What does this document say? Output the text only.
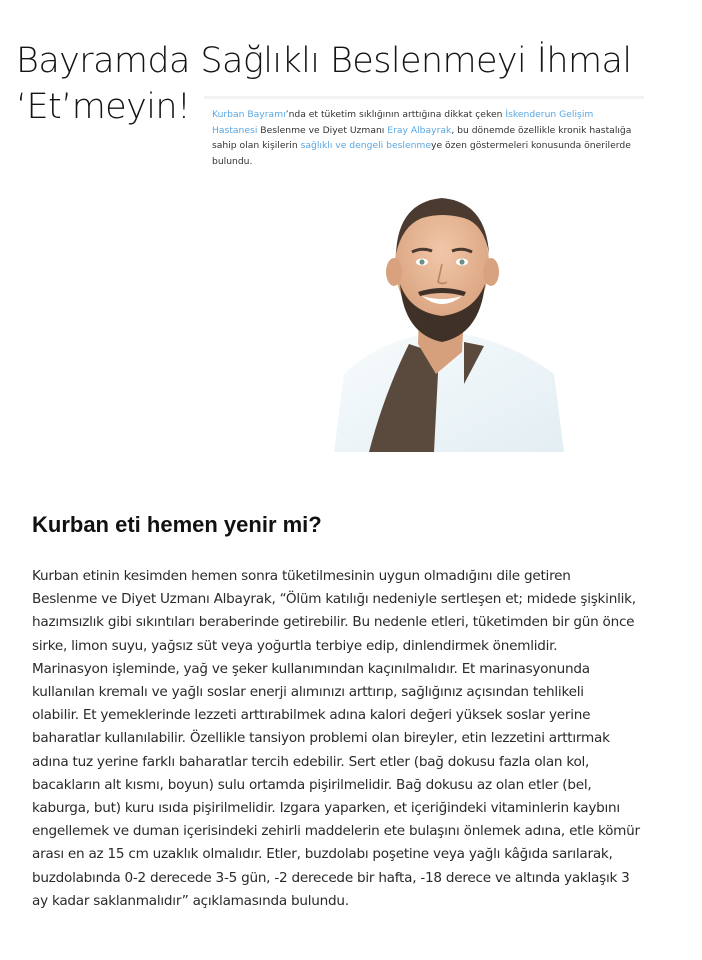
Bayramda Sağlıklı Beslenmeyi İhmal ‘Et’meyin!	Kurban Bayramı’nda et tüketim sıklığının arttığına dikkat çeken İskenderun Gelişim
Hastanesi Beslenme ve Diyet Uzmanı Eray Albayrak, bu dönemde özellikle kronik hastalığa
sahip olan kişilerin sağlıklı ve dengeli beslenmeye özen göstermeleri konusunda önerilerde
bulundu.
Kurban eti hemen yenir mi?

Kurban etinin kesimden hemen sonra tüketilmesinin uygun olmadığını dile getiren
Beslenme ve Diyet Uzmanı Albayrak, “Ölüm katılığı nedeniyle sertleşen et; midede şişkinlik,
hazımsızlık gibi sıkıntıları beraberinde getirebilir. Bu nedenle etleri, tüketimden bir gün önce
sirke, limon suyu, yağsız süt veya yoğurtla terbiye edip, dinlendirmek önemlidir.
Marinasyon işleminde, yağ ve şeker kullanımından kaçınılmalıdır. Et marinasyonunda
kullanılan kremalı ve yağlı soslar enerji alımınızı arttırıp, sağlığınız açısından tehlikeli
olabilir. Et yemeklerinde lezzeti arttırabilmek adına kalori değeri yüksek soslar yerine
baharatlar kullanılabilir. Özellikle tansiyon problemi olan bireyler, etin lezzetini arttırmak
adına tuz yerine farklı baharatlar tercih edebilir. Sert etler (bağ dokusu fazla olan kol,
bacakların alt kısmı, boyun) sulu ortamda pişirilmelidir. Bağ dokusu az olan etler (bel,
kaburga, but) kuru ısıda pişirilmelidir. Izgara yaparken, et içeriğindeki vitaminlerin kaybını
engellemek ve duman içerisindeki zehirli maddelerin ete bulaşını önlemek adına, etle kömür
arası en az 15 cm uzaklık olmalıdır. Etler, buzdolabı poşetine veya yağlı kâğıda sarılarak,
buzdolabında 0-2 derecede 3-5 gün, -2 derecede bir hafta, -18 derece ve altında yaklaşık 3
ay kadar saklanmalıdır” açıklamasında bulundu.
